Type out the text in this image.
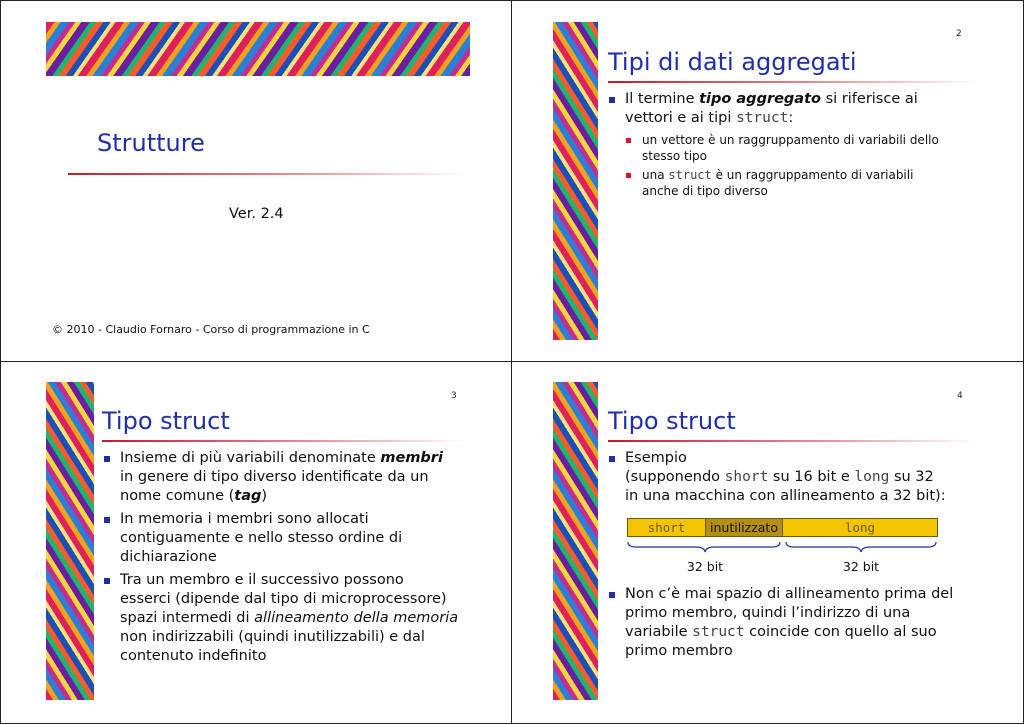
Strutture
Ver. 2.4
© 2010 - Claudio Fornaro - Corso di programmazione in C
2
Tipi di dati aggregati
Il termine tipo aggregato si riferisce ai
vettori e ai tipi struct:
un vettore è un raggruppamento di variabili dello
stesso tipo
una struct è un raggruppamento di variabili
anche di tipo diverso
3
Tipo struct
Insieme di più variabili denominate membri
in genere di tipo diverso identificate da un
nome comune (tag)
In memoria i membri sono allocati
contiguamente e nello stesso ordine di
dichiarazione
Tra un membro e il successivo possono
esserci (dipende dal tipo di microprocessore)
spazi intermedi di allineamento della memoria
non indirizzabili (quindi inutilizzabili) e dal
contenuto indefinito
4
Tipo struct
Esempio
(supponendo short su 16 bit e long su 32
in una macchina con allineamento a 32 bit):
short	inutilizzato	long
32 bit	32 bit
Non c’è mai spazio di allineamento prima del
primo membro, quindi l’indirizzo di una
variabile struct coincide con quello al suo
primo membro
